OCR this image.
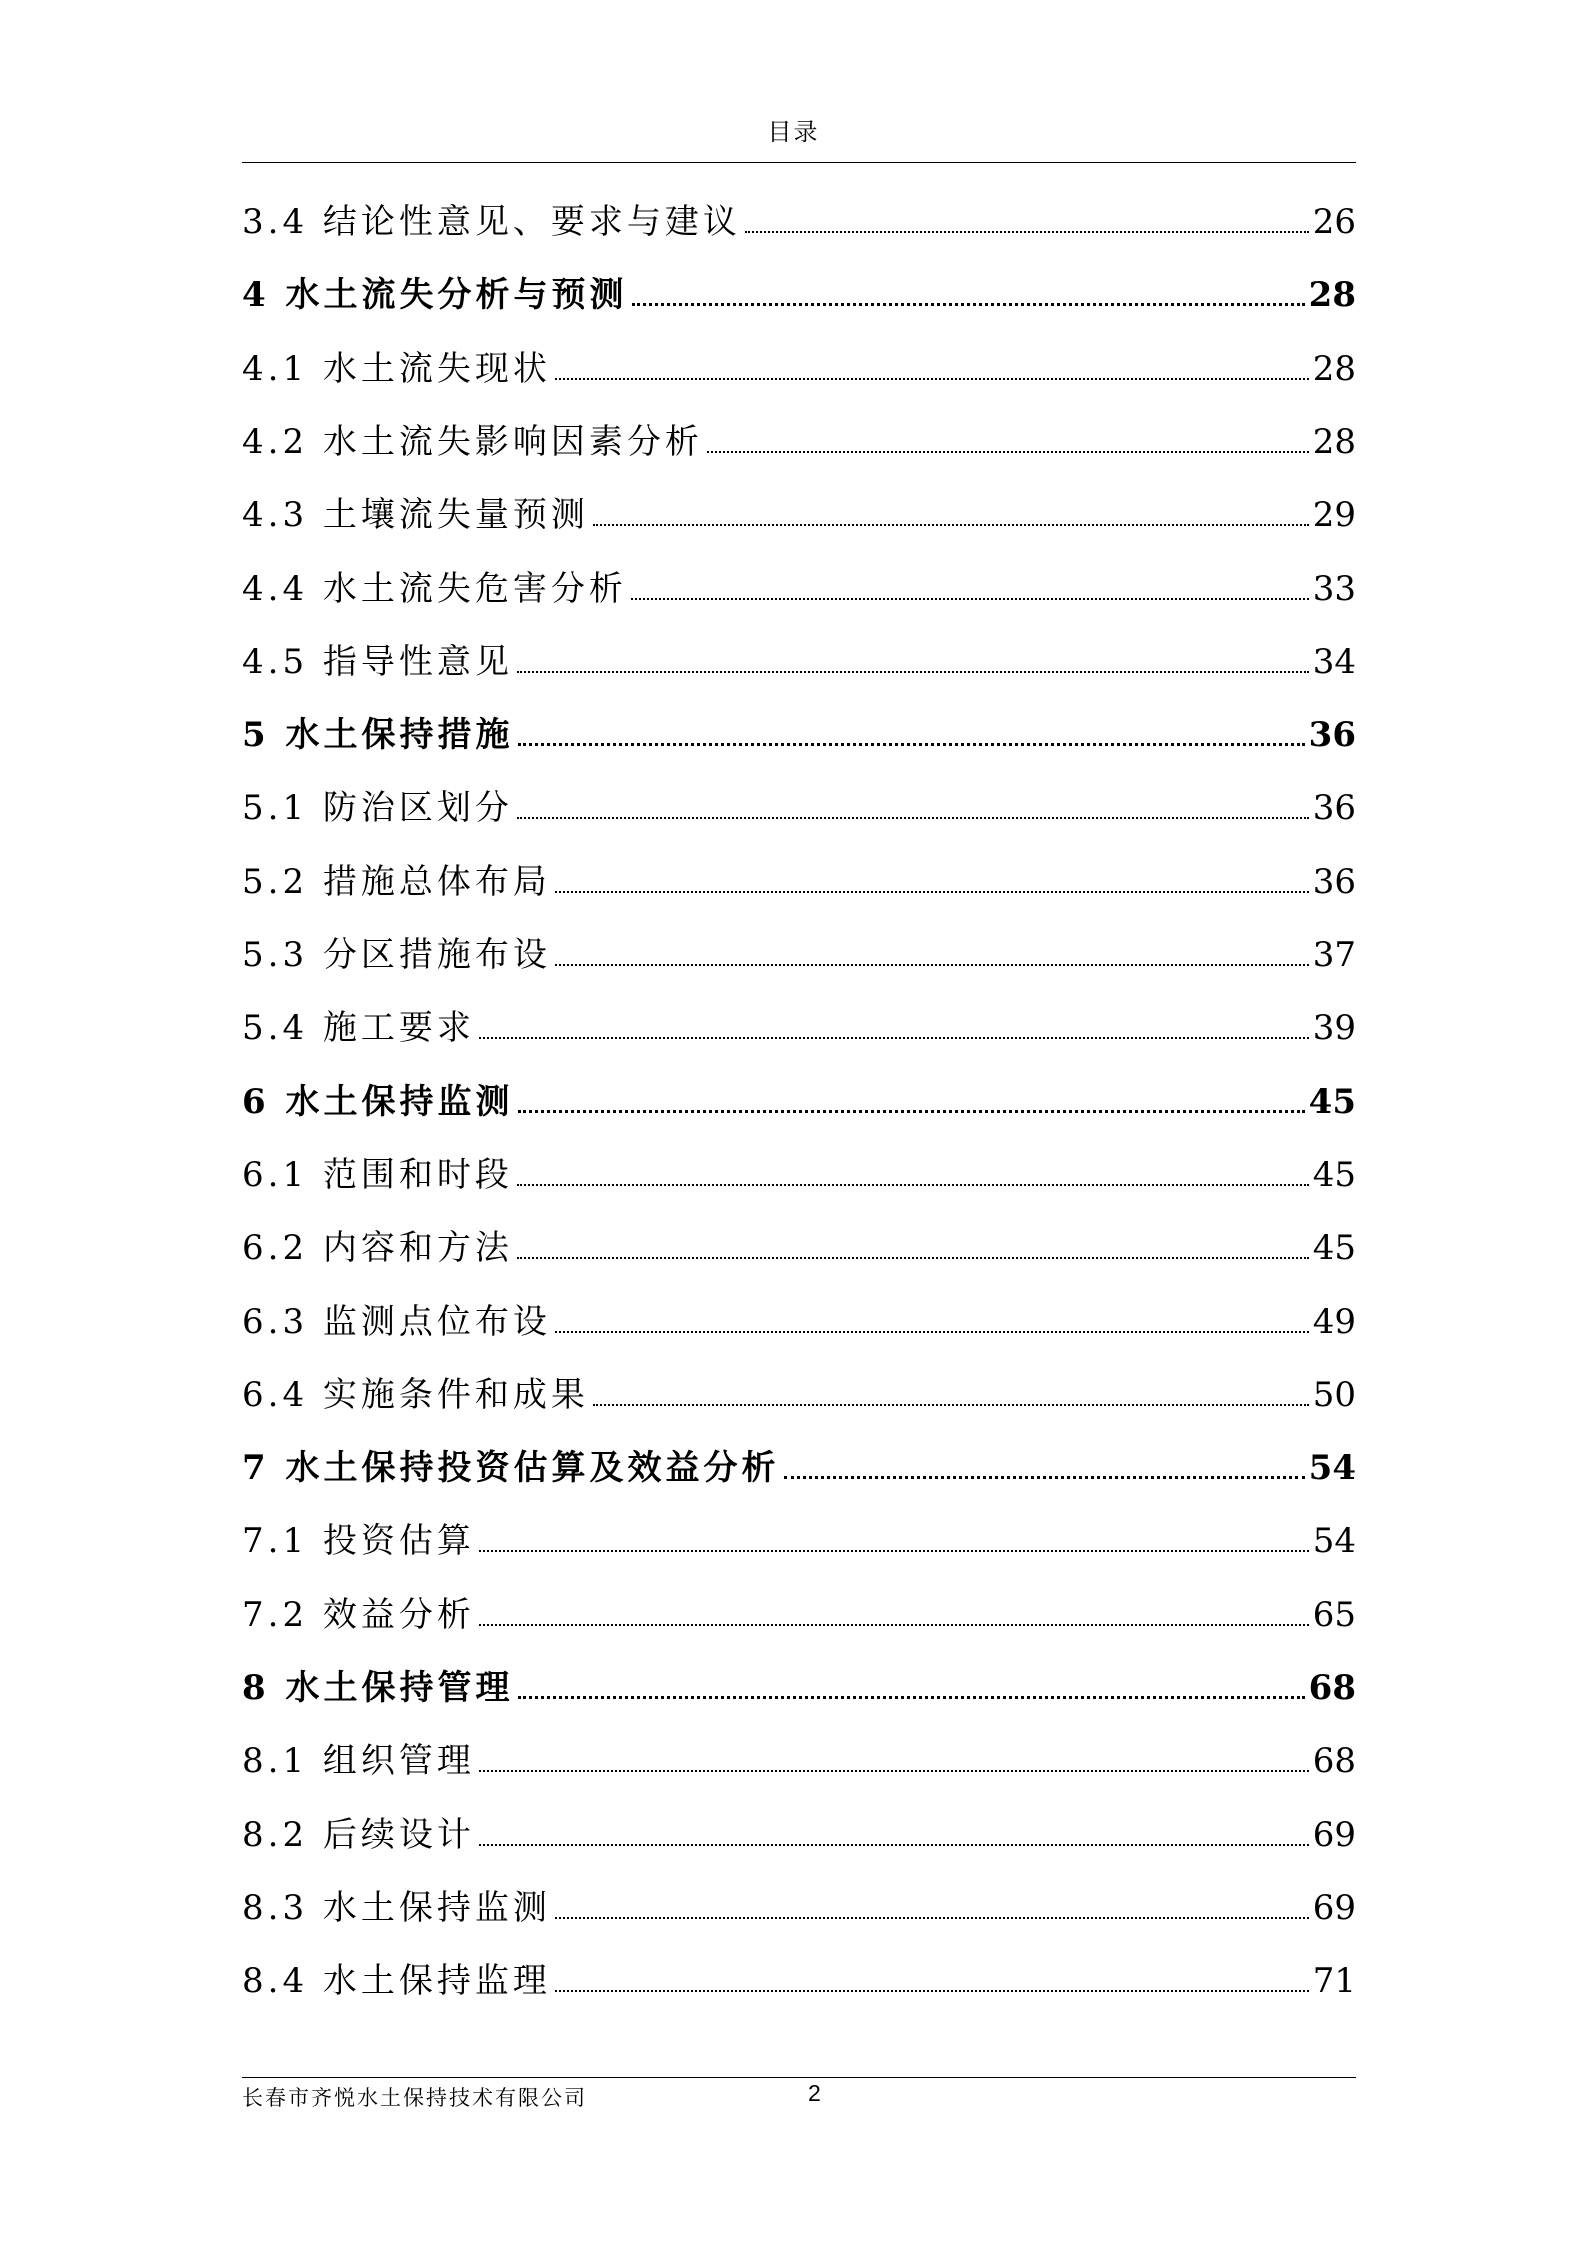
目录
3.4 结论性意见、要求与建议	26
4 水土流失分析与预测	28
4.1 水土流失现状	28
4.2 水土流失影响因素分析	28
4.3 土壤流失量预测	29
4.4 水土流失危害分析	33
4.5 指导性意见	34
5 水土保持措施	36
5.1 防治区划分	36
5.2 措施总体布局	36
5.3 分区措施布设	37
5.4 施工要求	39
6 水土保持监测	45
6.1 范围和时段	45
6.2 内容和方法	45
6.3 监测点位布设	49
6.4 实施条件和成果	50
7 水土保持投资估算及效益分析	54
7.1 投资估算	54
7.2 效益分析	65
8 水土保持管理	68
8.1 组织管理	68
8.2 后续设计	69
8.3 水土保持监测	69
8.4 水土保持监理	71
长春市齐悦水土保持技术有限公司	2
